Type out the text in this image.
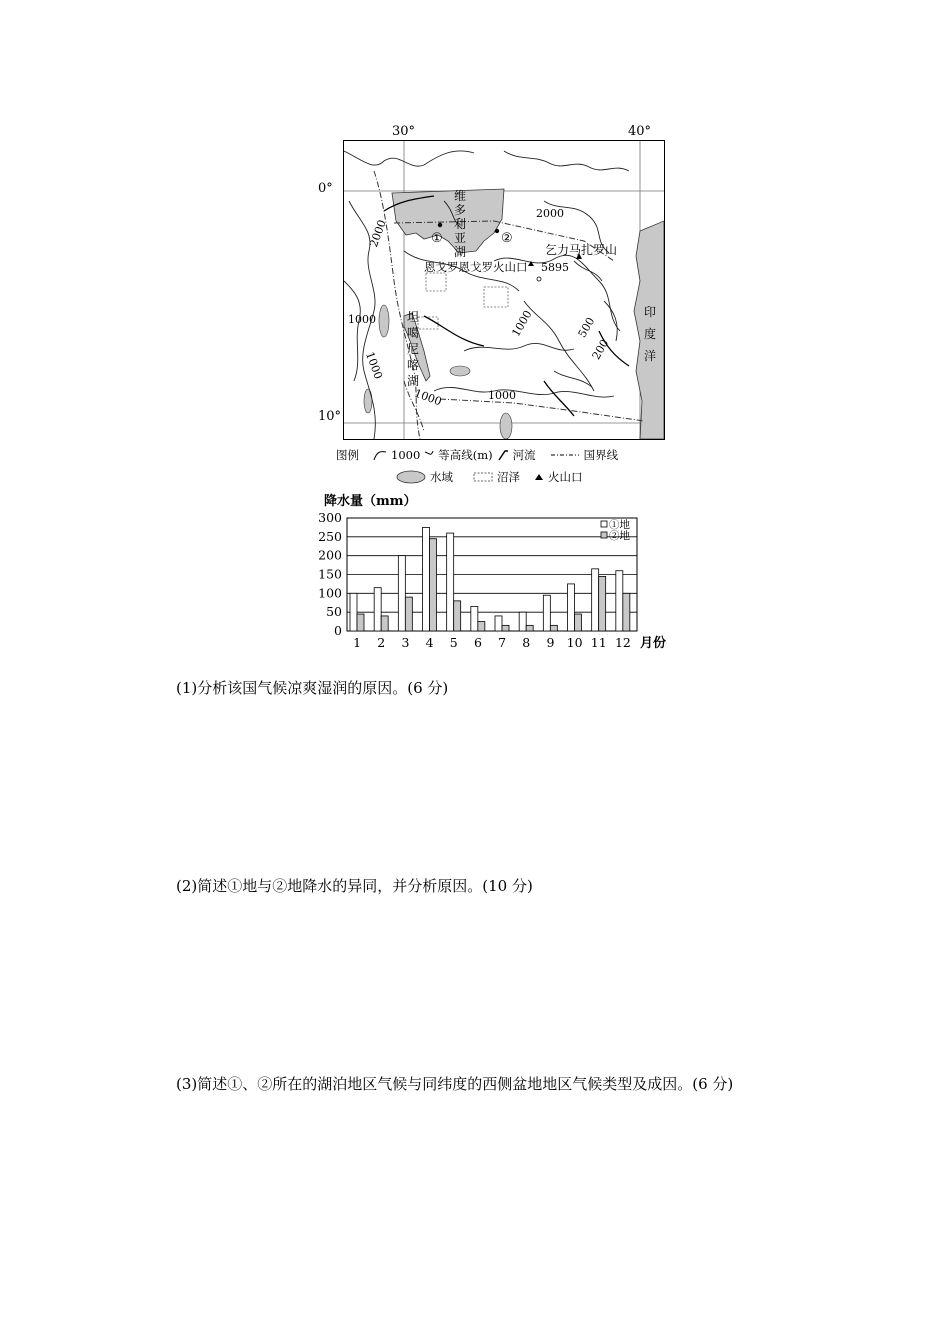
30°	40°
0°
10°
维
多
利
亚
湖
坦
噶
尼
喀
湖
印
度
洋
①	②
恩戈罗恩戈罗火山口 5895
乞力马扎罗山
2000
2000
1000	1000
1000
1000	1000
500
200
图例	1000 等高线(m) 河流	国界线
水域	沼泽 火山口
降水量（mm）
0
50
100
150
200
250
300
1 2 3 4 5 6 7 8 9 10 11 12 月份
①地
②地
(1)分析该国气候凉爽湿润的原因。(6 分)
(2)简述①地与②地降水的异同，并分析原因。(10 分)
(3)简述①、②所在的湖泊地区气候与同纬度的西侧盆地地区气候类型及成因。(6 分)
